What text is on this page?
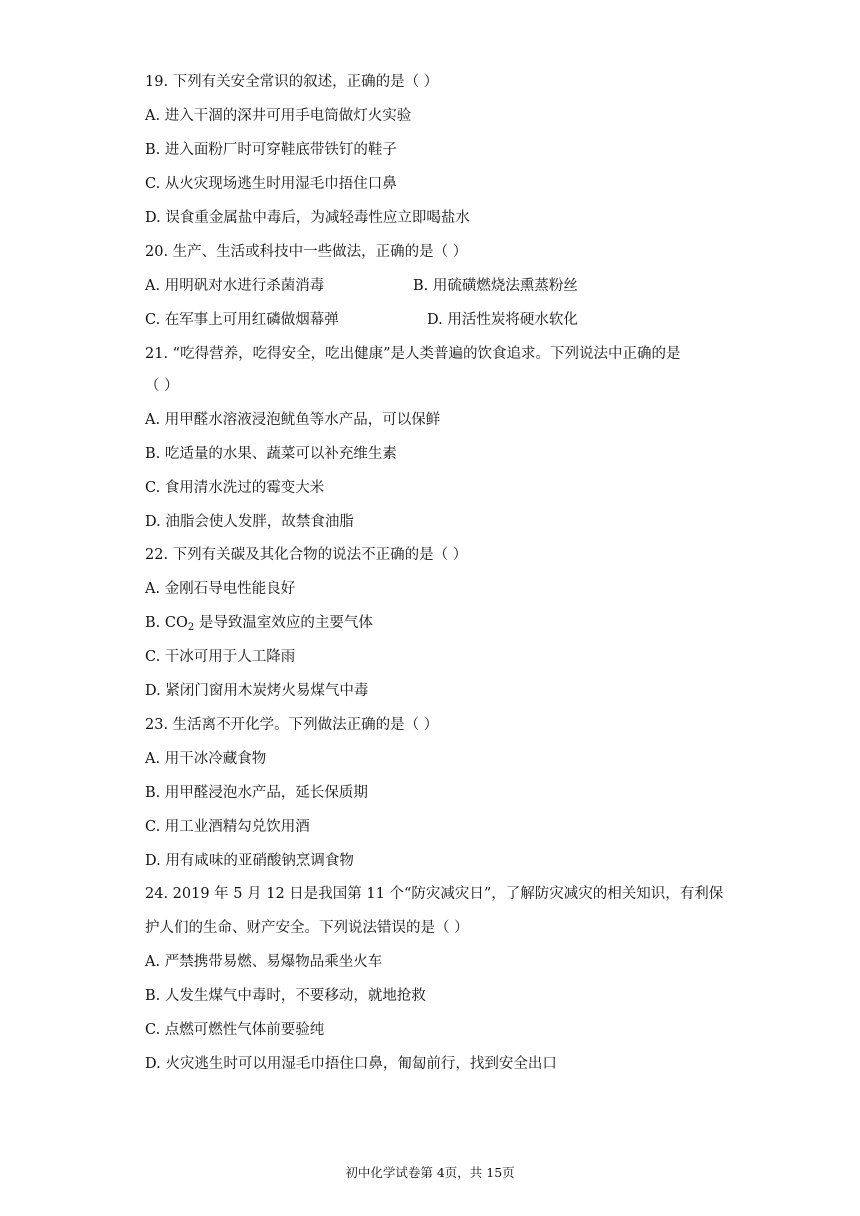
19. 下列有关安全常识的叙述，正确的是（ ）
A. 进入干涸的深井可用手电筒做灯火实验
B. 进入面粉厂时可穿鞋底带铁钉的鞋子
C. 从火灾现场逃生时用湿毛巾捂住口鼻
D. 误食重金属盐中毒后，为减轻毒性应立即喝盐水
20. 生产、生活或科技中一些做法，正确的是（ ）
A. 用明矾对水进行杀菌消毒	B. 用硫磺燃烧法熏蒸粉丝
C. 在军事上可用红磷做烟幕弹	D. 用活性炭将硬水软化
21. “吃得营养，吃得安全，吃出健康”是人类普遍的饮食追求。下列说法中正确的是
（ ）
A. 用甲醛水溶液浸泡鱿鱼等水产品，可以保鲜
B. 吃适量的水果、蔬菜可以补充维生素
C. 食用清水洗过的霉变大米
D. 油脂会使人发胖，故禁食油脂
22. 下列有关碳及其化合物的说法不正确的是（ ）
A. 金刚石导电性能良好
B. $CO_2$ 是导致温室效应的主要气体
C. 干冰可用于人工降雨
D. 紧闭门窗用木炭烤火易煤气中毒
23. 生活离不开化学。下列做法正确的是（ ）
A. 用干冰冷藏食物
B. 用甲醛浸泡水产品，延长保质期
C. 用工业酒精勾兑饮用酒
D. 用有咸味的亚硝酸钠烹调食物
24. 2019 年 5 月 12 日是我国第 11 个“防灾减灾日”，了解防灾减灾的相关知识，有利保
护人们的生命、财产安全。下列说法错误的是（ ）
A. 严禁携带易燃、易爆物品乘坐火车
B. 人发生煤气中毒时，不要移动，就地抢救
C. 点燃可燃性气体前要验纯
D. 火灾逃生时可以用湿毛巾捂住口鼻，匍匐前行，找到安全出口
初中化学试卷第 4页，共 15页
